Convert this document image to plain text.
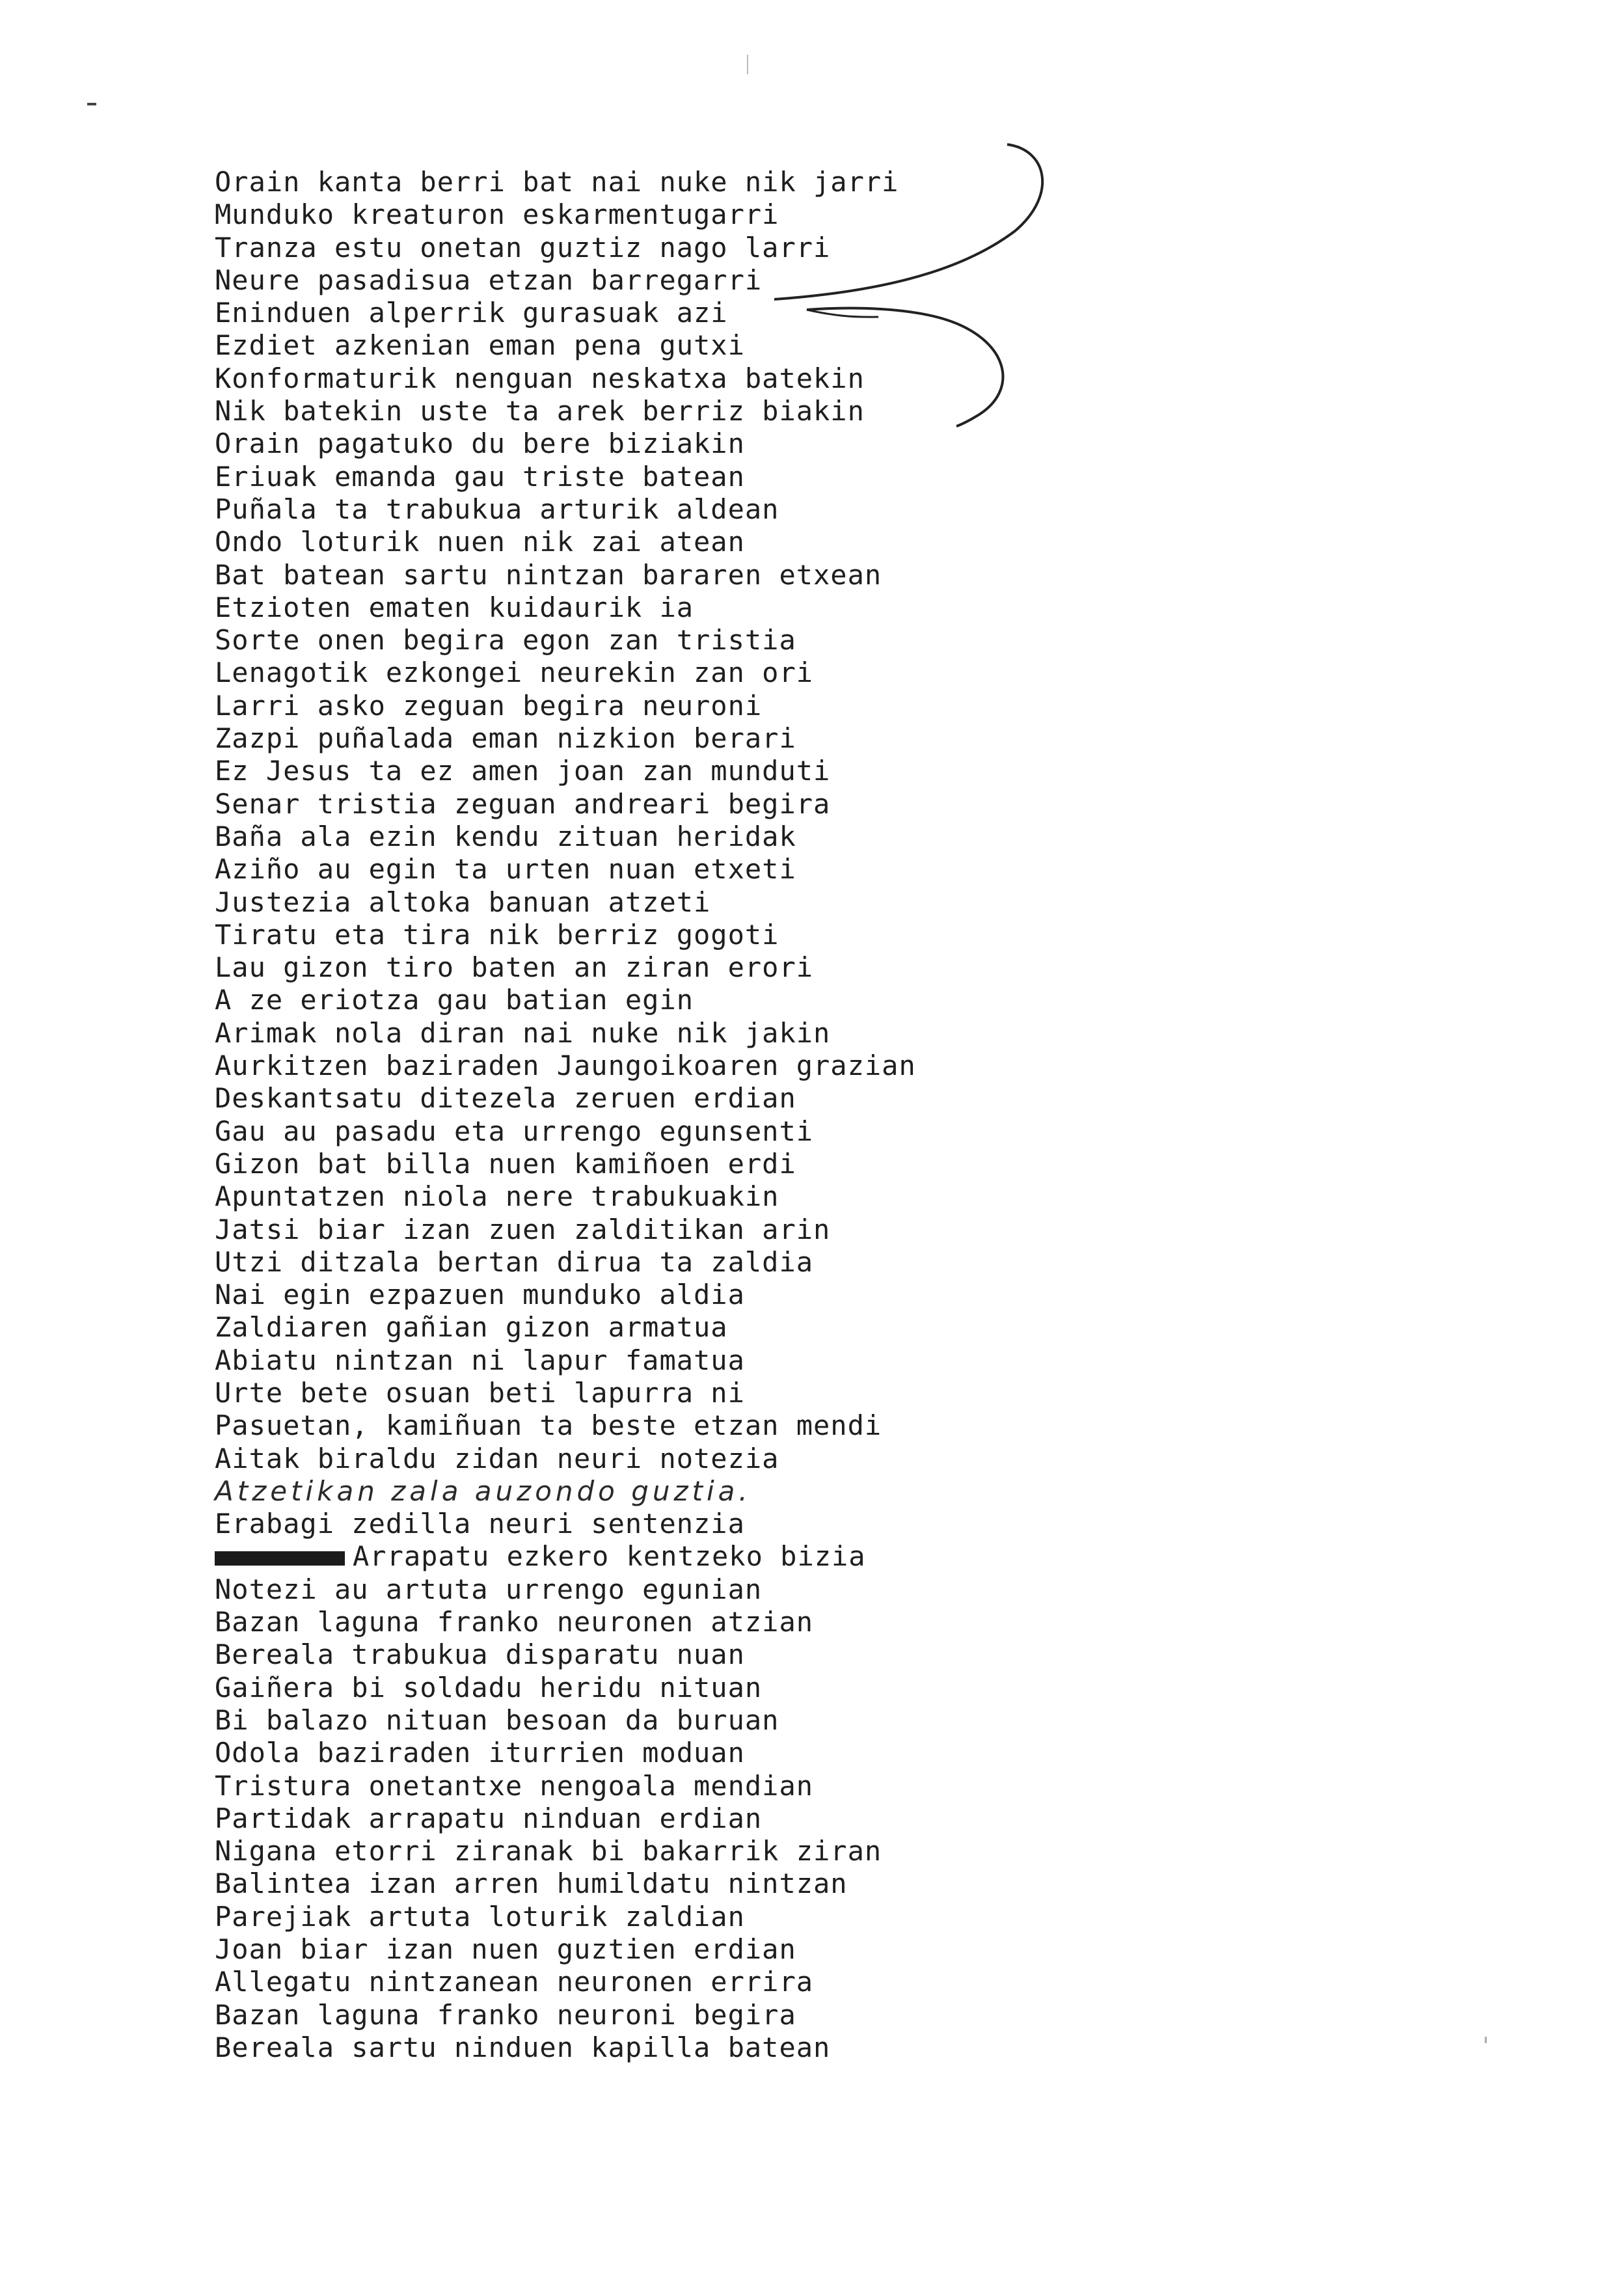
Orain kanta berri bat nai nuke nik jarri
Munduko kreaturon eskarmentugarri
Tranza estu onetan guztiz nago larri
Neure pasadisua etzan barregarri
Eninduen alperrik gurasuak azi
Ezdiet azkenian eman pena gutxi
Konformaturik nenguan neskatxa batekin
Nik batekin uste ta arek berriz biakin
Orain pagatuko du bere biziakin
Eriuak emanda gau triste batean
Puñala ta trabukua arturik aldean
Ondo loturik nuen nik zai atean
Bat batean sartu nintzan bararen etxean
Etzioten ematen kuidaurik ia
Sorte onen begira egon zan tristia
Lenagotik ezkongei neurekin zan ori
Larri asko zeguan begira neuroni
Zazpi puñalada eman nizkion berari
Ez Jesus ta ez amen joan zan munduti
Senar tristia zeguan andreari begira
Baña ala ezin kendu zituan heridak
Aziño au egin ta urten nuan etxeti
Justezia altoka banuan atzeti
Tiratu eta tira nik berriz gogoti
Lau gizon tiro baten an ziran erori
A ze eriotza gau batian egin
Arimak nola diran nai nuke nik jakin
Aurkitzen baziraden Jaungoikoaren grazian
Deskantsatu ditezela zeruen erdian
Gau au pasadu eta urrengo egunsenti
Gizon bat billa nuen kamiñoen erdi
Apuntatzen niola nere trabukuakin
Jatsi biar izan zuen zalditikan arin
Utzi ditzala bertan dirua ta zaldia
Nai egin ezpazuen munduko aldia
Zaldiaren gañian gizon armatua
Abiatu nintzan ni lapur famatua
Urte bete osuan beti lapurra ni
Pasuetan, kamiñuan ta beste etzan mendi
Aitak biraldu zidan neuri notezia
Atzetikan zala auzondo guztia.
Erabagi zedilla neuri sentenzia
Arrapatu ezkero kentzeko bizia
Notezi au artuta urrengo egunian
Bazan laguna franko neuronen atzian
Bereala trabukua disparatu nuan
Gaiñera bi soldadu heridu nituan
Bi balazo nituan besoan da buruan
Odola baziraden iturrien moduan
Tristura onetantxe nengoala mendian
Partidak arrapatu ninduan erdian
Nigana etorri ziranak bi bakarrik ziran
Balintea izan arren humildatu nintzan
Parejiak artuta loturik zaldian
Joan biar izan nuen guztien erdian
Allegatu nintzanean neuronen errira
Bazan laguna franko neuroni begira
Bereala sartu ninduen kapilla batean
